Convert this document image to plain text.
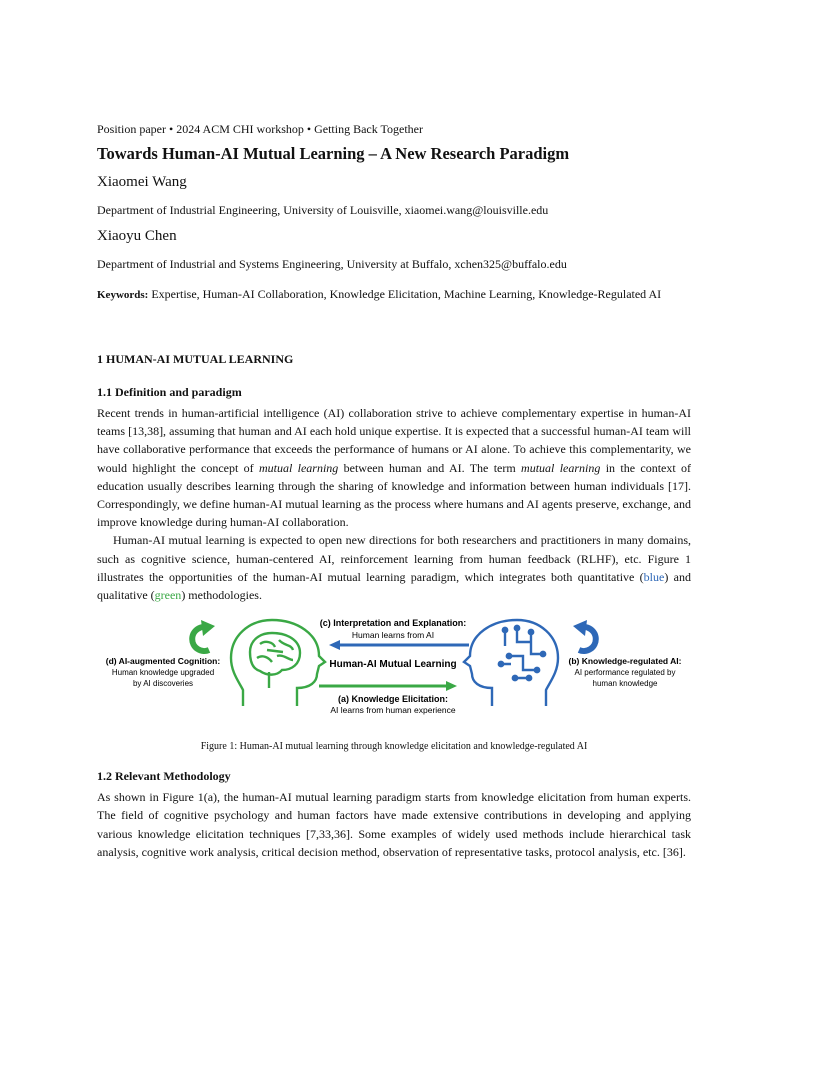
Position paper • 2024 ACM CHI workshop • Getting Back Together

Towards Human-AI Mutual Learning – A New Research Paradigm

Xiaomei Wang

Department of Industrial Engineering, University of Louisville, xiaomei.wang@louisville.edu

Xiaoyu Chen

Department of Industrial and Systems Engineering, University at Buffalo, xchen325@buffalo.edu

Keywords: Expertise, Human-AI Collaboration, Knowledge Elicitation, Machine Learning, Knowledge-Regulated AI

1 HUMAN-AI MUTUAL LEARNING

1.1 Definition and paradigm

Recent trends in human-artificial intelligence (AI) collaboration strive to achieve complementary expertise in human-AI teams [13,38], assuming that human and AI each hold unique expertise. It is expected that a successful human-AI team will have collaborative performance that exceeds the performance of humans or AI alone. To achieve this complementarity, we would highlight the concept of mutual learning between human and AI. The term mutual learning in the context of education usually describes learning through the sharing of knowledge and information between human individuals [17]. Correspondingly, we define human-AI mutual learning as the process where humans and AI agents preserve, exchange, and improve knowledge during human-AI collaboration.

Human-AI mutual learning is expected to open new directions for both researchers and practitioners in many domains, such as cognitive science, human-centered AI, reinforcement learning from human feedback (RLHF), etc. Figure 1 illustrates the opportunities of the human-AI mutual learning paradigm, which integrates both quantitative (blue) and qualitative (green) methodologies.

(c) Interpretation and Explanation:
Human learns from AI
Human-AI Mutual Learning
(a) Knowledge Elicitation:
AI learns from human experience
(d) AI-augmented Cognition:
Human knowledge upgraded
by AI discoveries
(b) Knowledge-regulated AI:
AI performance regulated by
human knowledge

Figure 1: Human-AI mutual learning through knowledge elicitation and knowledge-regulated AI

1.2 Relevant Methodology

As shown in Figure 1(a), the human-AI mutual learning paradigm starts from knowledge elicitation from human experts. The field of cognitive psychology and human factors have made extensive contributions in developing and applying various knowledge elicitation techniques [7,33,36]. Some examples of widely used methods include hierarchical task analysis, cognitive work analysis, critical decision method, observation of representative tasks, protocol analysis, etc. [36].
